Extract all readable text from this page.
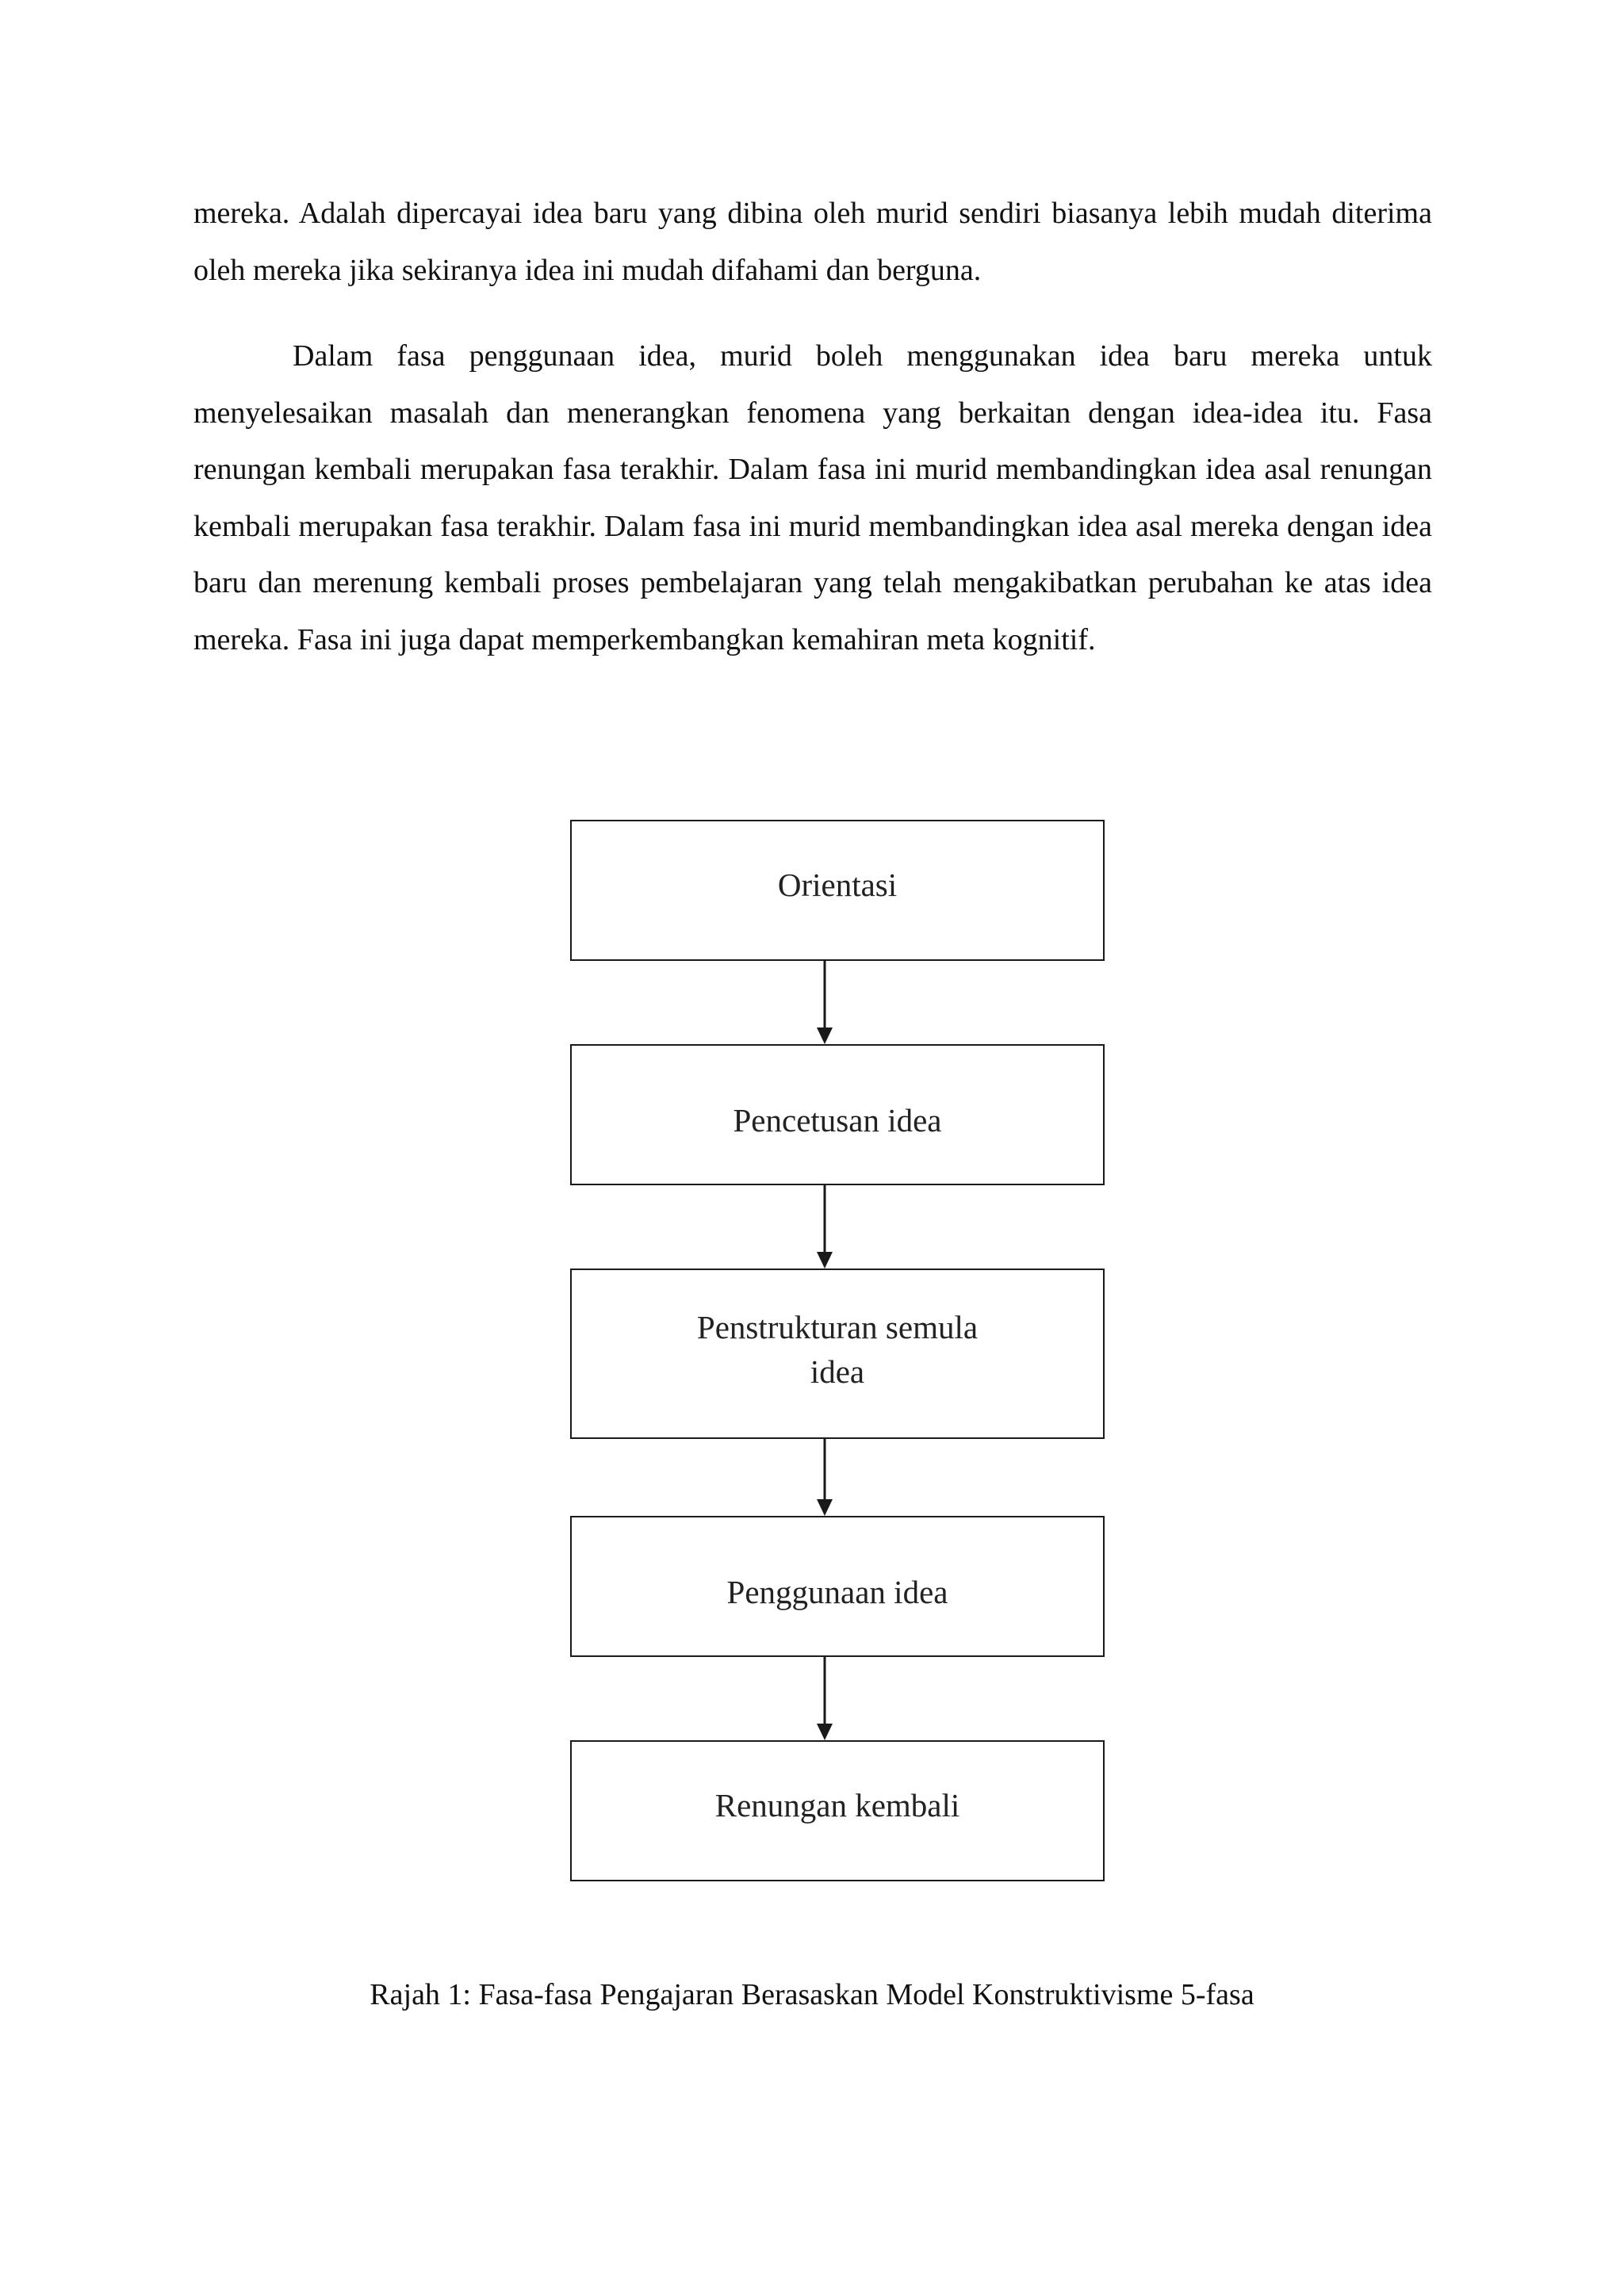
mereka. Adalah dipercayai idea baru yang dibina oleh murid sendiri biasanya lebih mudah diterima oleh mereka jika sekiranya idea ini mudah difahami dan berguna.

Dalam fasa penggunaan idea, murid boleh menggunakan idea baru mereka untuk menyelesaikan masalah dan menerangkan fenomena yang berkaitan dengan idea-idea itu. Fasa renungan kembali merupakan fasa terakhir. Dalam fasa ini murid membandingkan idea asal renungan kembali merupakan fasa terakhir. Dalam fasa ini murid membandingkan idea asal mereka dengan idea baru dan merenung kembali proses pembelajaran yang telah mengakibatkan perubahan ke atas idea mereka. Fasa ini juga dapat memperkembangkan kemahiran meta kognitif.

Orientasi
Pencetusan idea
Penstrukturan semula
idea
Penggunaan idea
Renungan kembali

Rajah 1: Fasa-fasa Pengajaran Berasaskan Model Konstruktivisme 5-fasa
